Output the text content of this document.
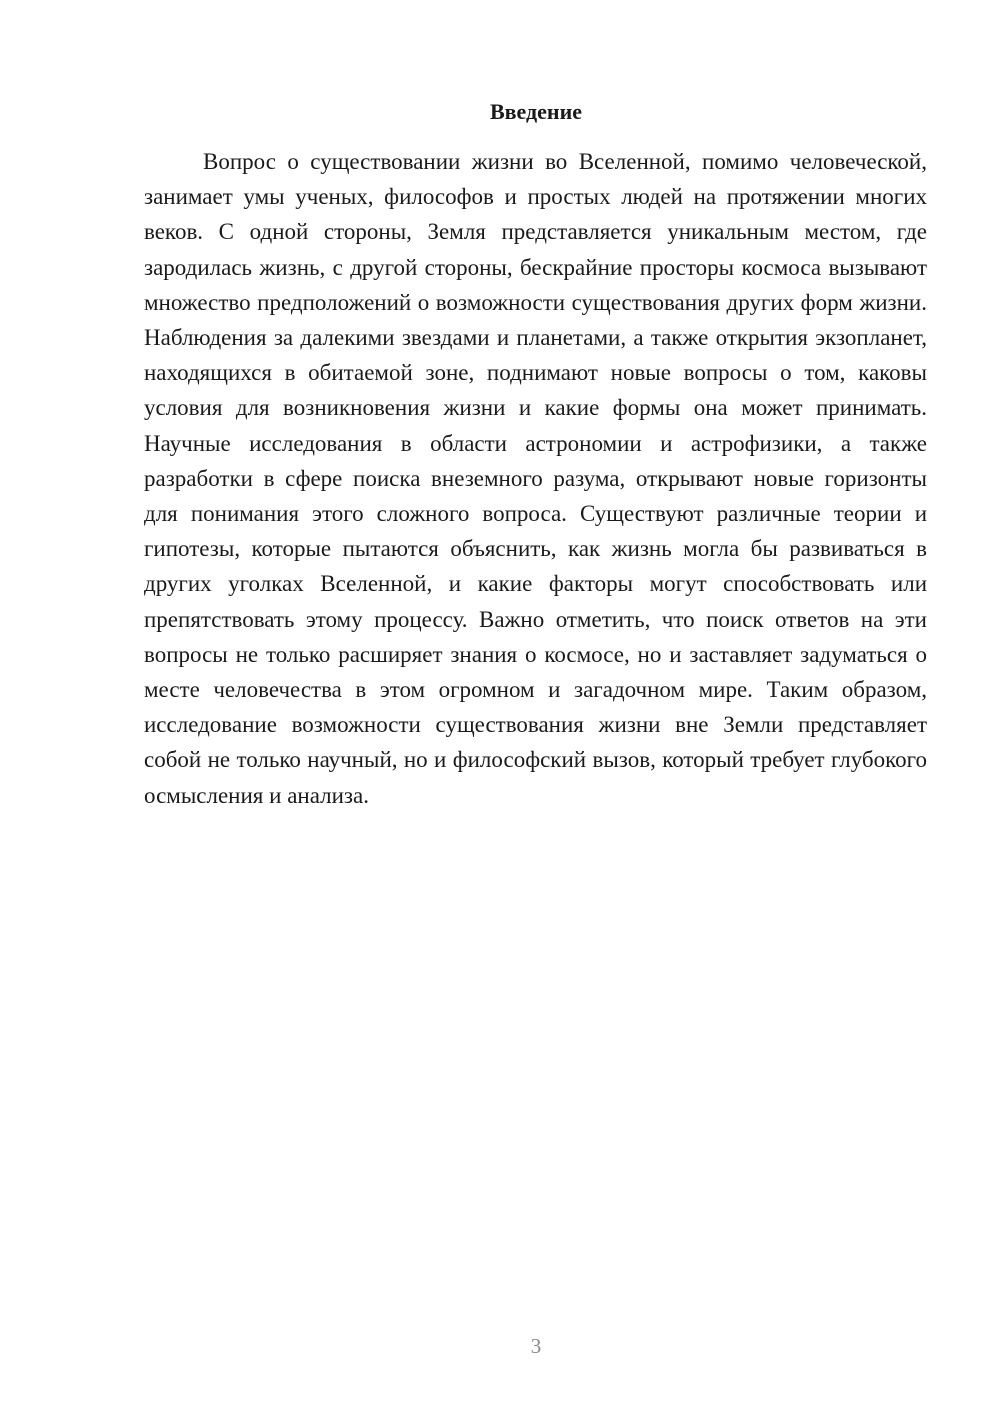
Введение

Вопрос о существовании жизни во Вселенной, помимо человеческой, занимает умы ученых, философов и простых людей на протяжении многих веков. С одной стороны, Земля представляется уникальным местом, где зародилась жизнь, с другой стороны, бескрайние просторы космоса вызывают множество предположений о возможности существования других форм жизни. Наблюдения за далекими звездами и планетами, а также открытия экзопланет, находящихся в обитаемой зоне, поднимают новые вопросы о том, каковы условия для возникновения жизни и какие формы она может принимать. Научные исследования в области астрономии и астрофизики, а также разработки в сфере поиска внеземного разума, открывают новые горизонты для понимания этого сложного вопроса. Существуют различные теории и гипотезы, которые пытаются объяснить, как жизнь могла бы развиваться в других уголках Вселенной, и какие факторы могут способствовать или препятствовать этому процессу. Важно отметить, что поиск ответов на эти вопросы не только расширяет знания о космосе, но и заставляет задуматься о месте человечества в этом огромном и загадочном мире. Таким образом, исследование возможности существования жизни вне Земли представляет собой не только научный, но и философский вызов, который требует глубокого осмысления и анализа.

3
